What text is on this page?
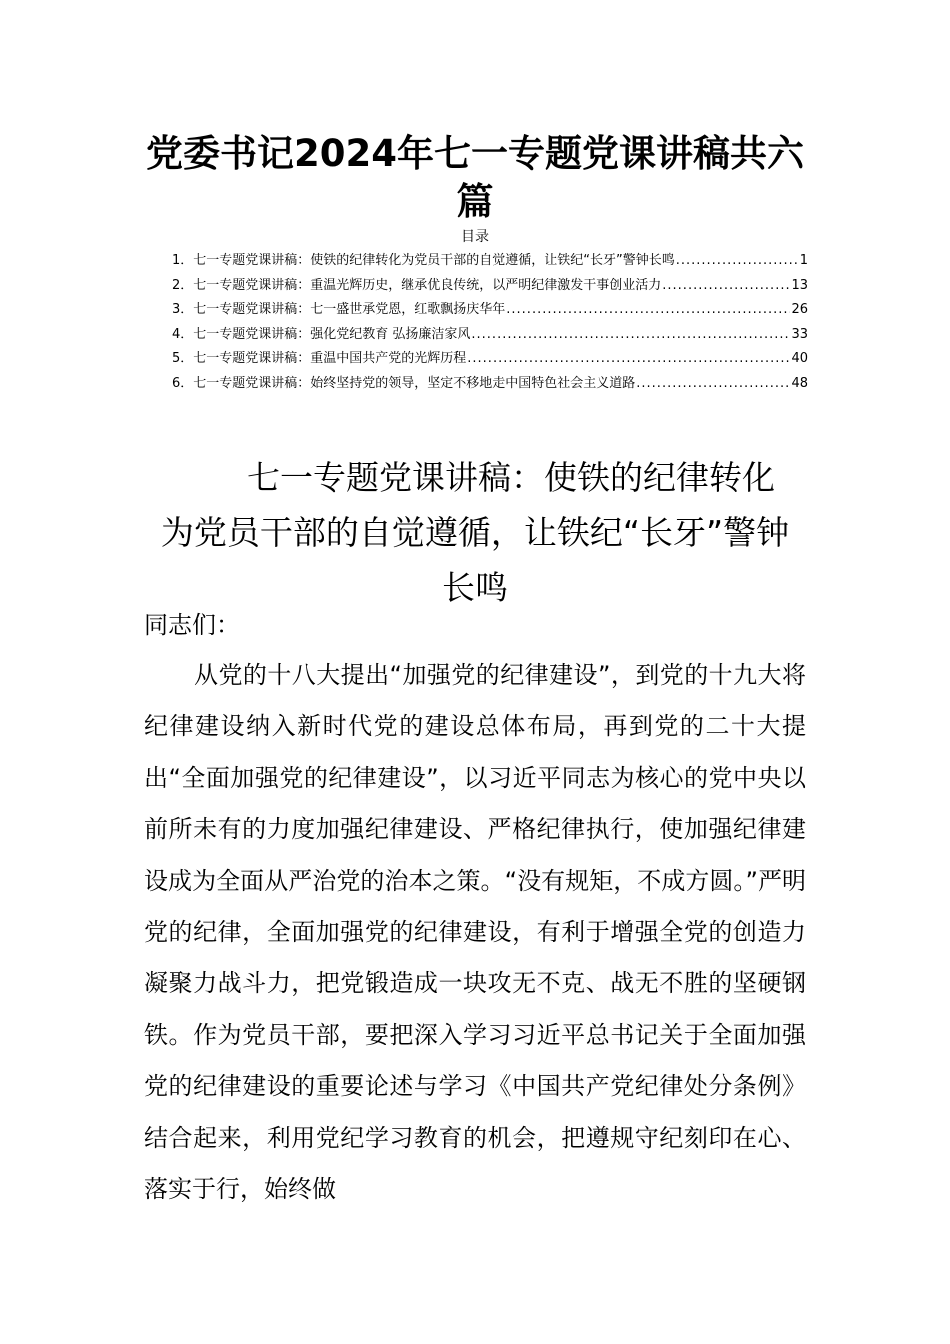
党委书记2024年七一专题党课讲稿共六篇
目录
1．七一专题党课讲稿：使铁的纪律转化为党员干部的自觉遵循，让铁纪“长牙”警钟长鸣 .....	1
2．七一专题党课讲稿：重温光辉历史，继承优良传统，以严明纪律激发干事创业活力 .....	13
3．七一专题党课讲稿：七一盛世承党恩，红歌飘扬庆华年 .....	26
4．七一专题党课讲稿：强化党纪教育 弘扬廉洁家风 .....	33
5．七一专题党课讲稿：重温中国共产党的光辉历程 .....	40
6．七一专题党课讲稿：始终坚持党的领导，坚定不移地走中国特色社会主义道路 .....	48
七一专题党课讲稿：使铁的纪律转化
为党员干部的自觉遵循，让铁纪“长牙”警钟
长鸣
同志们：
从党的十八大提出“加强党的纪律建设”，到党的十九大将纪律建设纳入新时代党的建设总体布局，再到党的二十大提出“全面加强党的纪律建设”，以习近平同志为核心的党中央以前所未有的力度加强纪律建设、严格纪律执行，使加强纪律建设成为全面从严治党的治本之策。“没有规矩，不成方圆。”严明党的纪律，全面加强党的纪律建设，有利于增强全党的创造力凝聚力战斗力，把党锻造成一块攻无不克、战无不胜的坚硬钢铁。作为党员干部，要把深入学习习近平总书记关于全面加强党的纪律建设的重要论述与学习《中国共产党纪律处分条例》结合起来，利用党纪学习教育的机会，把遵规守纪刻印在心、落实于行，始终做
